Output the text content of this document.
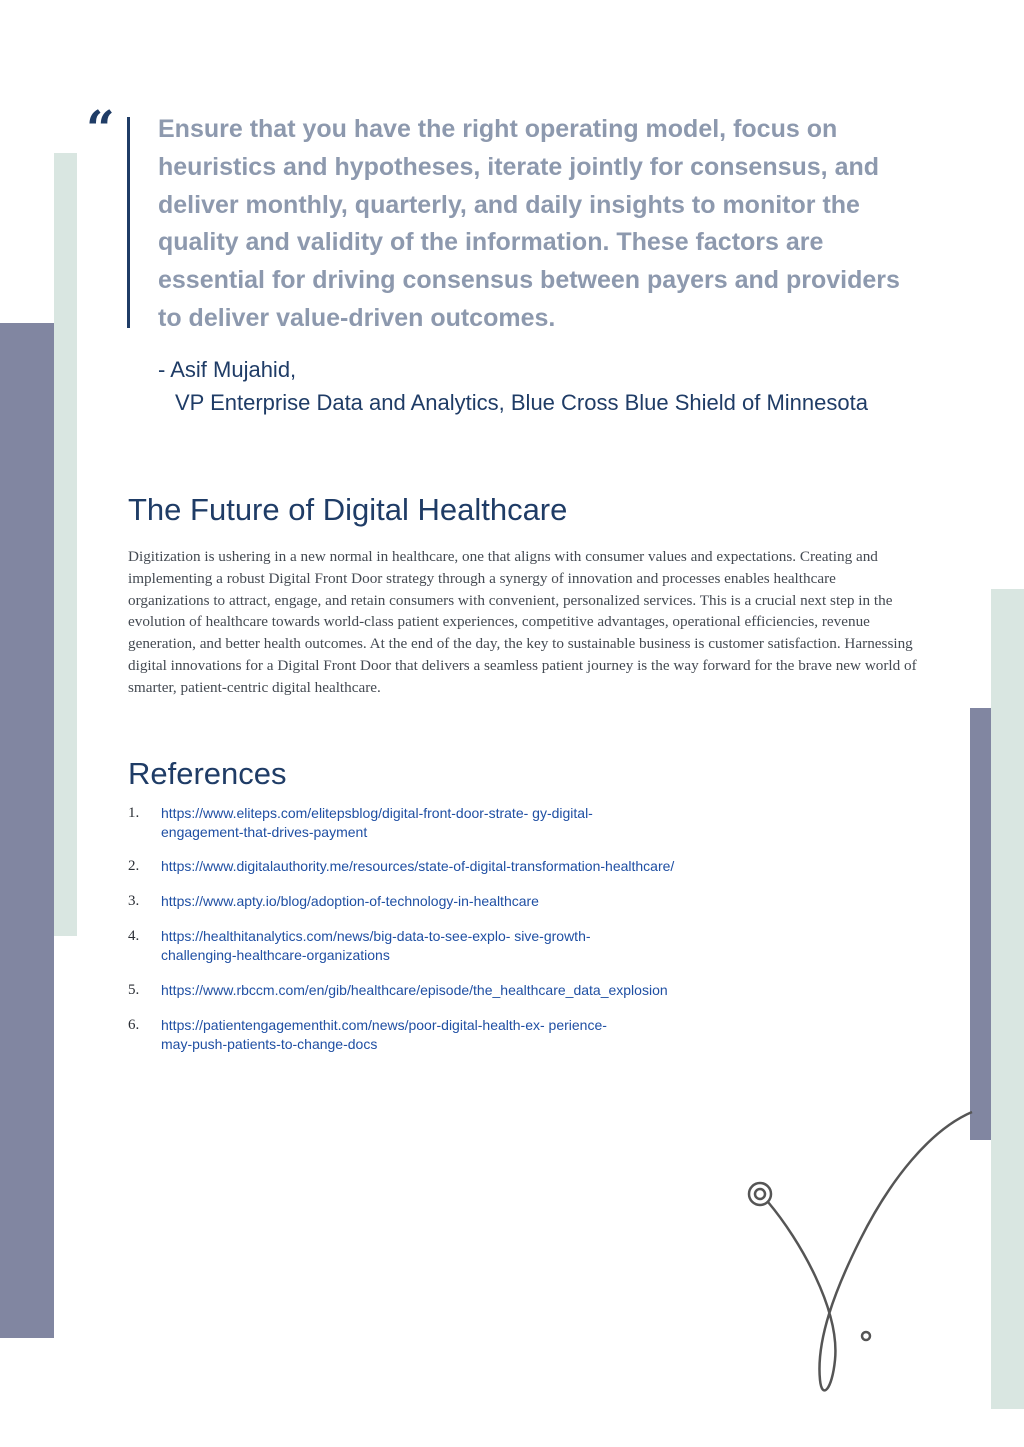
“ Ensure that you have the right operating model, focus on heuristics and hypotheses, iterate jointly for consensus, and deliver monthly, quarterly, and daily insights to monitor the quality and validity of the information. These factors are essential for driving consensus between payers and providers to deliver value-driven outcomes.

- Asif Mujahid,
VP Enterprise Data and Analytics, Blue Cross Blue Shield of Minnesota
The Future of Digital Healthcare

Digitization is ushering in a new normal in healthcare, one that aligns with consumer values and expectations. Creating and implementing a robust Digital Front Door strategy through a synergy of innovation and processes enables healthcare organizations to attract, engage, and retain consumers with convenient, personalized services. This is a crucial next step in the evolution of healthcare towards world-class patient experiences, competitive advantages, operational efficiencies, revenue generation, and better health outcomes. At the end of the day, the key to sustainable business is customer satisfaction. Harnessing digital innovations for a Digital Front Door that delivers a seamless patient journey is the way forward for the brave new world of smarter, patient-centric digital healthcare.

References
1.	https://www.eliteps.com/elitepsblog/digital-front-door-strate- gy-digital-engagement-that-drives-payment
2.	https://www.digitalauthority.me/resources/state-of-digital-transformation-healthcare/
3.	https://www.apty.io/blog/adoption-of-technology-in-healthcare
4.	https://healthitanalytics.com/news/big-data-to-see-explo- sive-growth-challenging-healthcare-organizations
5.	https://www.rbccm.com/en/gib/healthcare/episode/the_healthcare_data_explosion
6.	https://patientengagementhit.com/news/poor-digital-health-ex- perience-may-push-patients-to-change-docs
